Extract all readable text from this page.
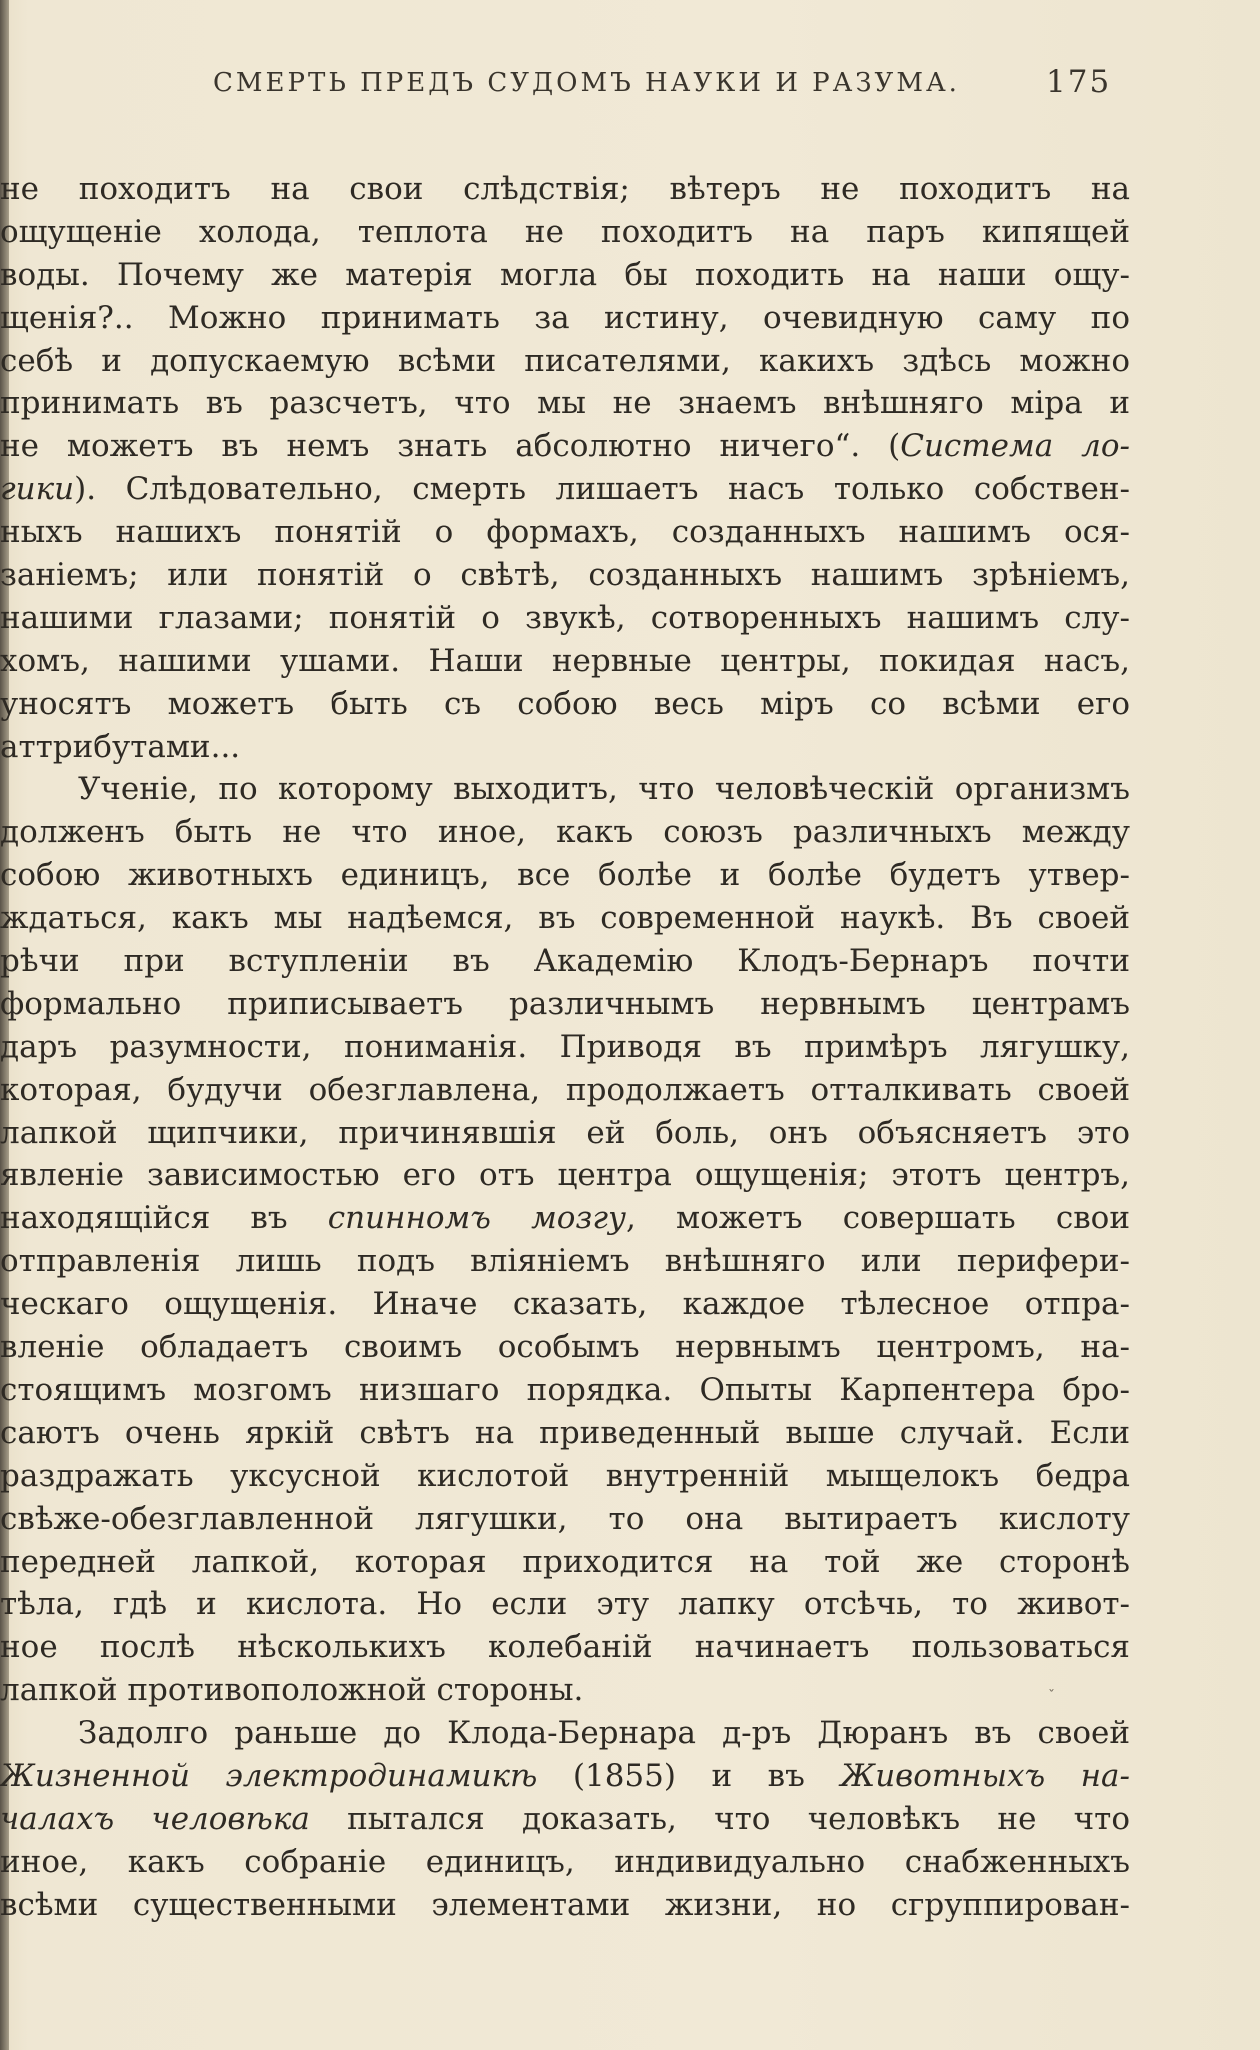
СМЕРТЬ ПРЕДЪ СУДОМЪ НАУКИ И РАЗУМА.	175
не походитъ на свои слѣдствія; вѣтеръ не походитъ на
ощущеніе холода, теплота не походитъ на паръ кипящей
воды. Почему же матерія могла бы походить на наши ощу-
щенія?.. Можно принимать за истину, очевидную саму по
себѣ и допускаемую всѣми писателями, какихъ здѣсь можно
принимать въ разсчетъ, что мы не знаемъ внѣшняго міра и
не можетъ въ немъ знать абсолютно ничего“. (Система ло-
гики). Слѣдовательно, смерть лишаетъ насъ только собствен-
ныхъ нашихъ понятій о формахъ, созданныхъ нашимъ ося-
заніемъ; или понятій о свѣтѣ, созданныхъ нашимъ зрѣніемъ,
нашими глазами; понятій о звукѣ, сотворенныхъ нашимъ слу-
хомъ, нашими ушами. Наши нервные центры, покидая насъ,
уносятъ можетъ быть съ собою весь міръ со всѣми его
аттрибутами...
Ученіе, по которому выходитъ, что человѣческій организмъ
долженъ быть не что иное, какъ союзъ различныхъ между
собою животныхъ единицъ, все болѣе и болѣе будетъ утвер-
ждаться, какъ мы надѣемся, въ современной наукѣ. Въ своей
рѣчи при вступленіи въ Академію Клодъ-Бернаръ почти
формально приписываетъ различнымъ нервнымъ центрамъ
даръ разумности, пониманія. Приводя въ примѣръ лягушку,
которая, будучи обезглавлена, продолжаетъ отталкивать своей
лапкой щипчики, причинявшія ей боль, онъ объясняетъ это
явленіе зависимостью его отъ центра ощущенія; этотъ центръ,
находящійся въ спинномъ мозгу, можетъ совершать свои
отправленія лишь подъ вліяніемъ внѣшняго или перифери-
ческаго ощущенія. Иначе сказать, каждое тѣлесное отпра-
вленіе обладаетъ своимъ особымъ нервнымъ центромъ, на-
стоящимъ мозгомъ низшаго порядка. Опыты Карпентера бро-
саютъ очень яркій свѣтъ на приведенный выше случай. Если
раздражать уксусной кислотой внутренній мыщелокъ бедра
свѣже-обезглавленной лягушки, то она вытираетъ кислоту
передней лапкой, которая приходится на той же сторонѣ
тѣла, гдѣ и кислота. Но если эту лапку отсѣчь, то живот-
ное послѣ нѣсколькихъ колебаній начинаетъ пользоваться
лапкой противоположной стороны.
Задолго раньше до Клода-Бернара д-ръ Дюранъ въ своей
Жизненной электродинамикѣ (1855) и въ Животныхъ на-
чалахъ человѣка пытался доказать, что человѣкъ не что
иное, какъ собраніе единицъ, индивидуально снабженныхъ
всѣми существенными элементами жизни, но сгруппирован-
ˇ
